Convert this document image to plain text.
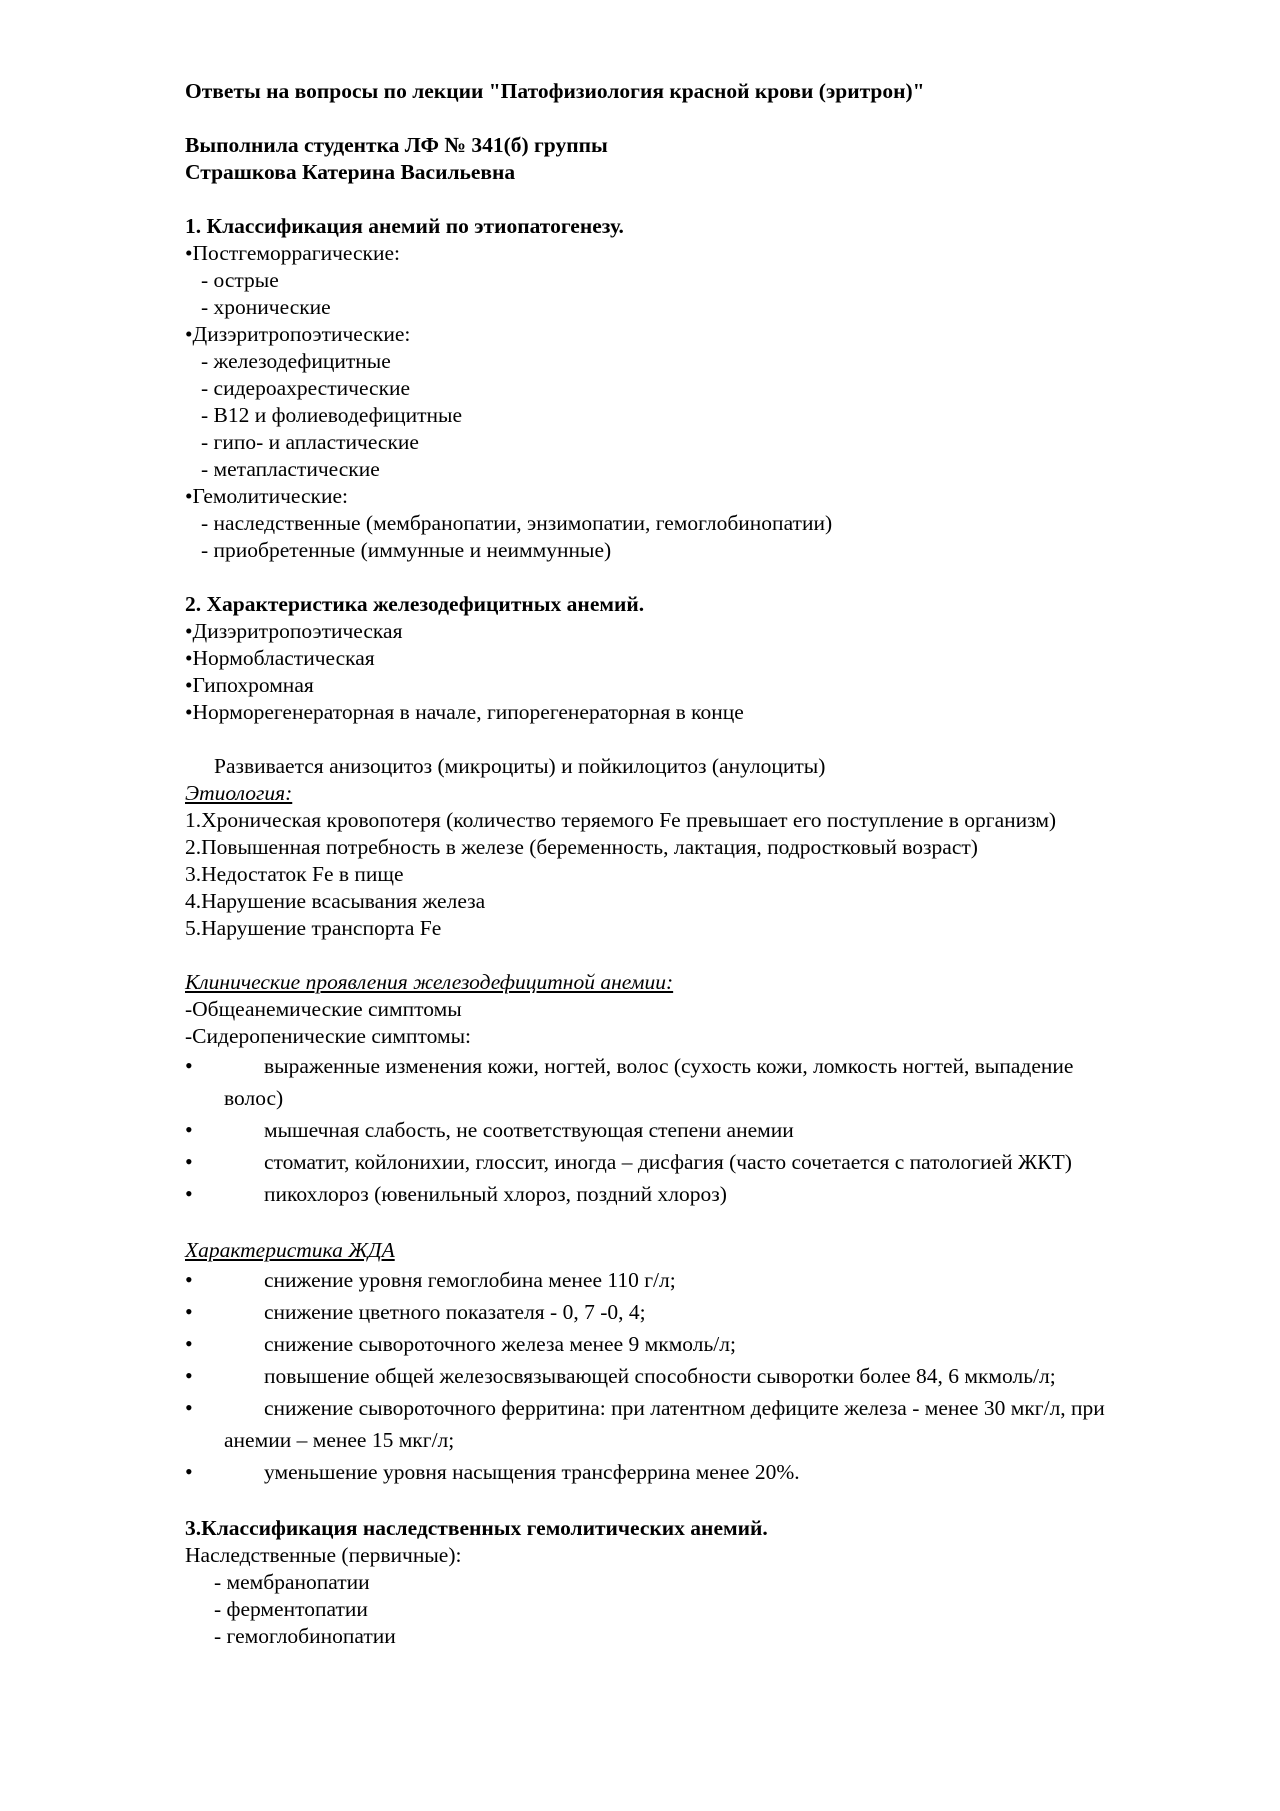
Ответы на вопросы по лекции "Патофизиология красной крови (эритрон)"
Выполнила студентка ЛФ № 341(б) группы
Страшкова Катерина Васильевна
1. Классификация анемий по этиопатогенезу.
•Постгеморрагические:
- острые
- хронические
•Дизэритропоэтические:
- железодефицитные
- сидероахрестические
- В12 и фолиеводефицитные
- гипо- и апластические
- метапластические
•Гемолитические:
- наследственные (мембранопатии, энзимопатии, гемоглобинопатии)
- приобретенные (иммунные и неиммунные)
2. Характеристика железодефицитных анемий.
•Дизэритропоэтическая
•Нормобластическая
•Гипохромная
•Норморегенераторная в начале, гипорегенераторная в конце
Развивается анизоцитоз (микроциты) и пойкилоцитоз (анулоциты)
Этиология:
1.Хроническая кровопотеря (количество теряемого Fe превышает его поступление в организм)
2.Повышенная потребность в железе (беременность, лактация, подростковый возраст)
3.Недостаток Fe в пище
4.Нарушение всасывания железа
5.Нарушение транспорта Fe
Клинические проявления железодефицитной анемии:
-Общеанемические симптомы
-Сидеропенические симптомы:
•	выраженные изменения кожи, ногтей, волос (сухость кожи, ломкость ногтей, выпадение
волос)
•	мышечная слабость, не соответствующая степени анемии
•	стоматит, койлонихии, глоссит, иногда – дисфагия (часто сочетается с патологией ЖКТ)
•	пикохлороз (ювенильный хлороз, поздний хлороз)
Характеристика ЖДА
•	снижение уровня гемоглобина менее 110 г/л;
•	снижение цветного показателя - 0, 7 -0, 4;
•	снижение сывороточного железа менее 9 мкмоль/л;
•	повышение общей железосвязывающей способности сыворотки более 84, 6 мкмоль/л;
•	снижение сывороточного ферритина: при латентном дефиците железа - менее 30 мкг/л, при
анемии – менее 15 мкг/л;
•	уменьшение уровня насыщения трансферрина менее 20%.
3.Классификация наследственных гемолитических анемий.
Наследственные (первичные):
- мембранопатии
- ферментопатии
- гемоглобинопатии
